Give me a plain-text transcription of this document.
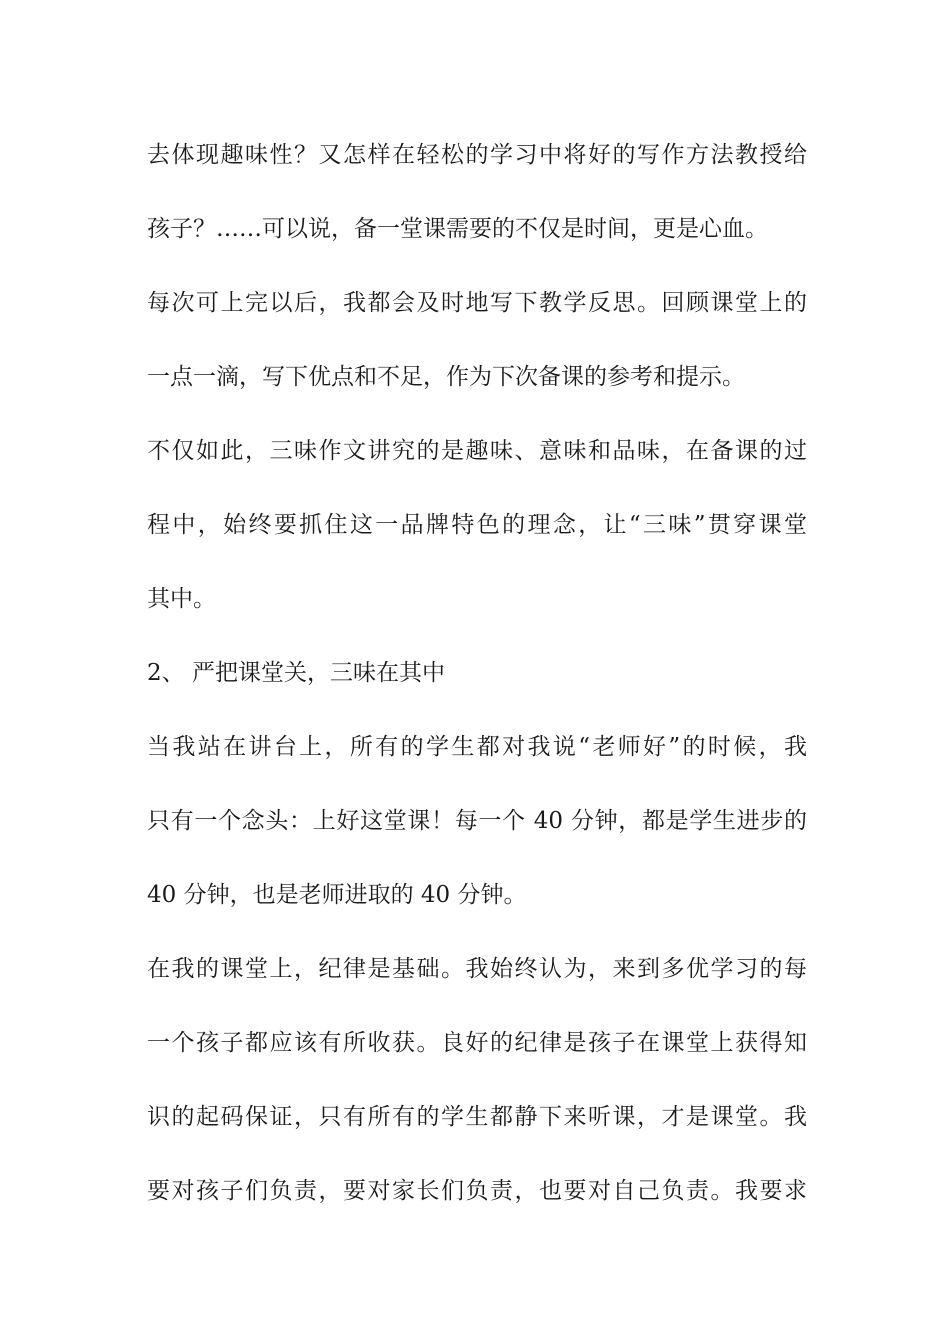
去体现趣味性？又怎样在轻松的学习中将好的写作方法教授给
孩子？……可以说，备一堂课需要的不仅是时间，更是心血。
每次可上完以后，我都会及时地写下教学反思。回顾课堂上的
一点一滴，写下优点和不足，作为下次备课的参考和提示。
不仅如此，三味作文讲究的是趣味、意味和品味，在备课的过
程中，始终要抓住这一品牌特色的理念，让“三味”贯穿课堂
其中。
2、 严把课堂关，三味在其中
当我站在讲台上，所有的学生都对我说“老师好”的时候，我
只有一个念头：上好这堂课！每一个 40 分钟，都是学生进步的
40 分钟，也是老师进取的 40 分钟。
在我的课堂上，纪律是基础。我始终认为，来到多优学习的每
一个孩子都应该有所收获。良好的纪律是孩子在课堂上获得知
识的起码保证，只有所有的学生都静下来听课，才是课堂。我
要对孩子们负责，要对家长们负责，也要对自己负责。我要求
